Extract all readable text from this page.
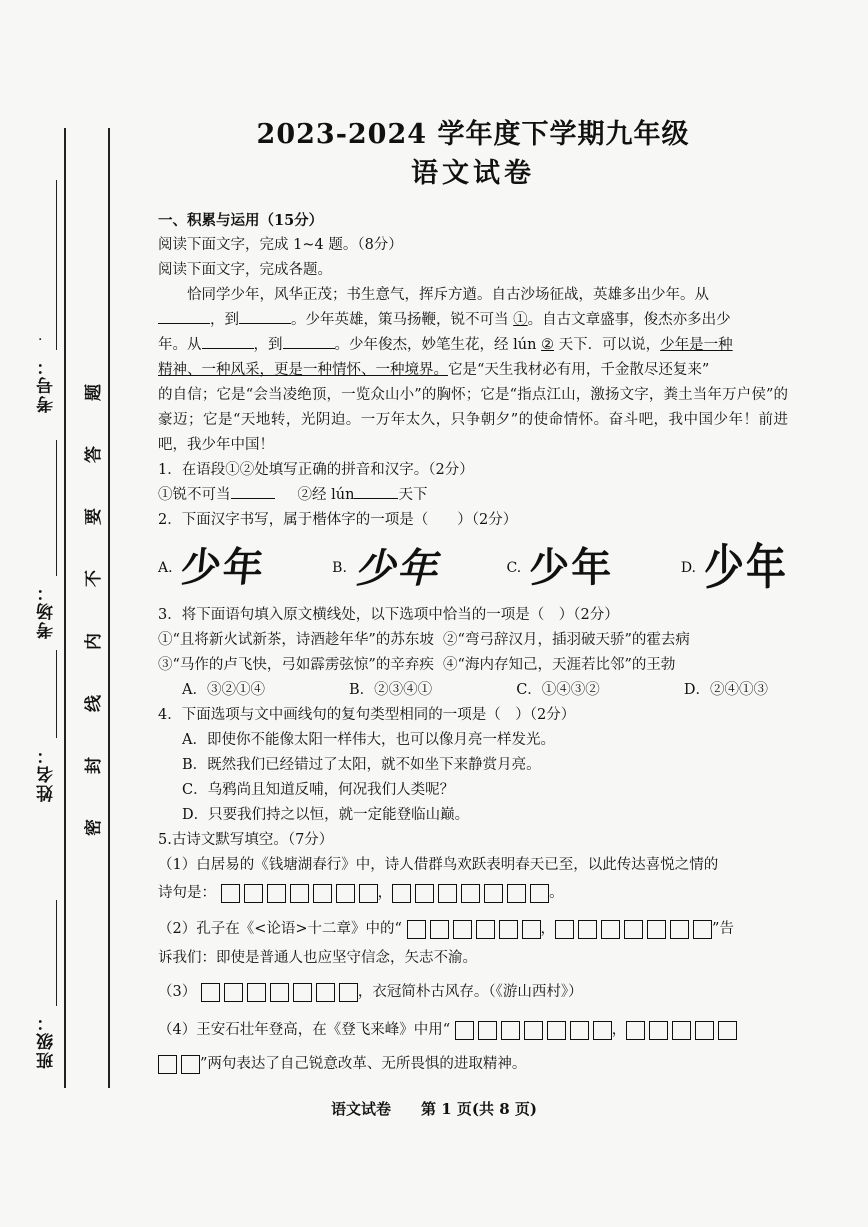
·
考号：
考场：
姓名：
班级：
题
答
要
不
内
线
封
密
2023-2024 学年度下学期九年级
语文试卷
一、积累与运用（15分）
阅读下面文字，完成 1~4 题。（8分）
阅读下面文字，完成各题。
恰同学少年，风华正茂；书生意气，挥斥方遒。自古沙场征战，英雄多出少年。从
，到	。少年英雄，策马扬鞭，锐不可当 ①。自古文章盛事，俊杰亦多出少
年。从	，到	。少年俊杰，妙笔生花，经 lún ② 天下．可以说，少年是一种
精神、一种风采，更是一种情怀、一种境界。它是“天生我材必有用，千金散尽还复来”
的自信；它是“会当凌绝顶，一览众山小”的胸怀；它是“指点江山，激扬文字，粪土当年万户侯”的豪迈；它是“天地转，光阴迫。一万年太久，只争朝夕”的使命情怀。奋斗吧，我中国少年！前进吧，我少年中国！
1．在语段①②处填写正确的拼音和汉字。（2分）
①锐不可当	②经 lún	天下
2．下面汉字书写，属于楷体字的一项是（　　）（2分）
A. 少年	B. 少年	C. 少年	D. 少年
3．将下面语句填入原文横线处，以下选项中恰当的一项是（　）（2分）
①“且将新火试新茶，诗酒趁年华”的苏东坡 ②“弯弓辞汉月，插羽破天骄”的霍去病
③“马作的卢飞快，弓如霹雳弦惊”的辛弃疾 ④“海内存知己，天涯若比邻”的王勃
A．③②①④	B．②③④①	C．①④③②	D．②④①③
4．下面选项与文中画线句的复句类型相同的一项是（　）（2分）
A．即使你不能像太阳一样伟大，也可以像月亮一样发光。
B．既然我们已经错过了太阳，就不如坐下来静赏月亮。
C．乌鸦尚且知道反哺，何况我们人类呢？
D．只要我们持之以恒，就一定能登临山巅。
5.古诗文默写填空。（7分）
（1）白居易的《钱塘湖春行》中，诗人借群鸟欢跃表明春天已至，以此传达喜悦之情的
诗句是：	，	。
（2）孔子在《<论语>十二章》中的“	，	”告
诉我们：即使是普通人也应坚守信念，矢志不渝。
（3）	，衣冠简朴古风存。（《游山西村》）
（4）王安石壮年登高，在《登飞来峰》中用“	，
”两句表达了自己锐意改革、无所畏惧的进取精神。
语文试卷　　第 1 页(共 8 页)
